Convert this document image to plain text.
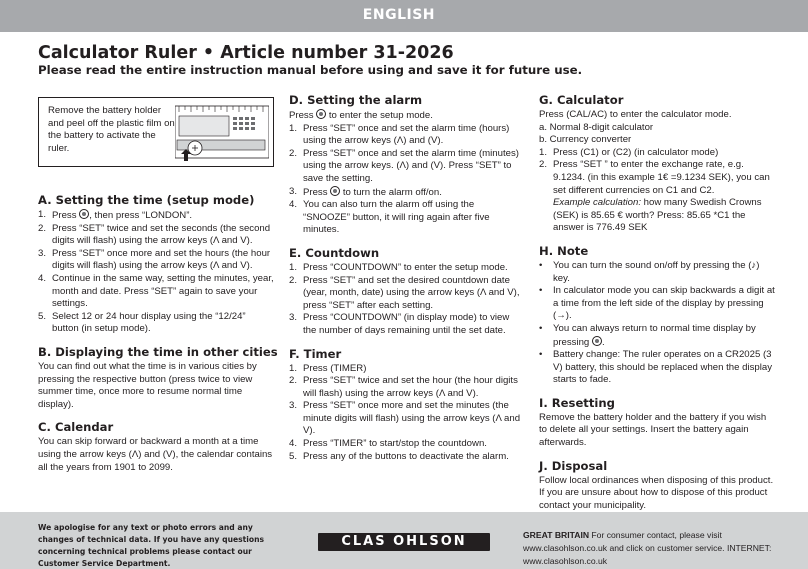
ENGLISH
Calculator Ruler • Article number 31-2026
Please read the entire instruction manual before using and save it for future use.
Remove the battery holder and peel off the plastic film on the battery to activate the ruler.
A. Setting the time (setup mode)
1. Press , then press “LONDON”.
2. Press “SET” twice and set the seconds (the second digits will flash) using the arrow keys (Λ and V).
3. Press “SET” once more and set the hours (the hour digits will flash) using the arrow keys (Λ and V).
4. Continue in the same way, setting the minutes, year, month and date. Press “SET” again to save your settings.
5. Select 12 or 24 hour display using the “12/24” button (in setup mode).
B. Displaying the time in other cities

You can find out what the time is in various cities by pressing the respective button (press twice to view summer time, once more to resume normal time display).

C. Calendar

You can skip forward or backward a month at a time using the arrow keys (Λ) and (V), the calendar contains all the years from 1901 to 2099.

D. Setting the alarm

Press  to enter the setup mode.

1. Press “SET” once and set the alarm time (hours) using the arrow keys (Λ) and (V).
2. Press “SET” once and set the alarm time (minutes) using the arrow keys. (Λ) and (V). Press “SET” to save the setting.
3. Press  to turn the alarm off/on.
4. You can also turn the alarm off using the “SNOOZE” button, it will ring again after five minutes.
E. Countdown
1. Press “COUNTDOWN” to enter the setup mode.
2. Press “SET” and set the desired countdown date (year, month, date) using the arrow keys (Λ and V), press “SET” after each setting.
3. Press “COUNTDOWN” (in display mode) to view the number of days remaining until the set date.
F. Timer
1. Press (TIMER)
2. Press “SET” twice and set the hour (the hour digits will flash) using the arrow keys (Λ and V).
3. Press “SET” once more and set the minutes (the minute digits will flash) using the arrow keys (Λ and V).
4. Press “TIMER” to start/stop the countdown.
5. Press any of the buttons to deactivate the alarm.
G. Calculator

Press (CAL/AC) to enter the calculator mode.

a. Normal 8-digit calculator

b. Currency converter

1. Press (C1) or (C2) (in calculator mode)
2. Press “SET ” to enter the exchange rate, e.g. 9.1234. (in this example 1€ =9.1234 SEK), you can set different currencies on C1 and C2.
Example calculation: how many Swedish Crowns (SEK) is 85.65 € worth? Press: 85.65 *C1 the answer is 776.49 SEK
H. Note
• You can turn the sound on/off by pressing the (♪) key.
• In calculator mode you can skip backwards a digit at a time from the left side of the display by pressing (→).
• You can always return to normal time display by pressing .
• Battery change: The ruler operates on a CR2025 (3 V) battery, this should be replaced when the display starts to fade.
I. Resetting

Remove the battery holder and the battery if you wish to delete all your settings. Insert the battery again afterwards.

J. Disposal

Follow local ordinances when disposing of this product. If you are unsure about how to dispose of this product contact your municipality.

We apologise for any text or photo errors and any changes of technical data. If you have any questions concerning technical problems please contact our Customer Service Department.
CLAS OHLSON	GREAT BRITAIN For consumer contact, please visit www.clasohlson.co.uk and click on customer service. INTERNET: www.clasohlson.co.uk
